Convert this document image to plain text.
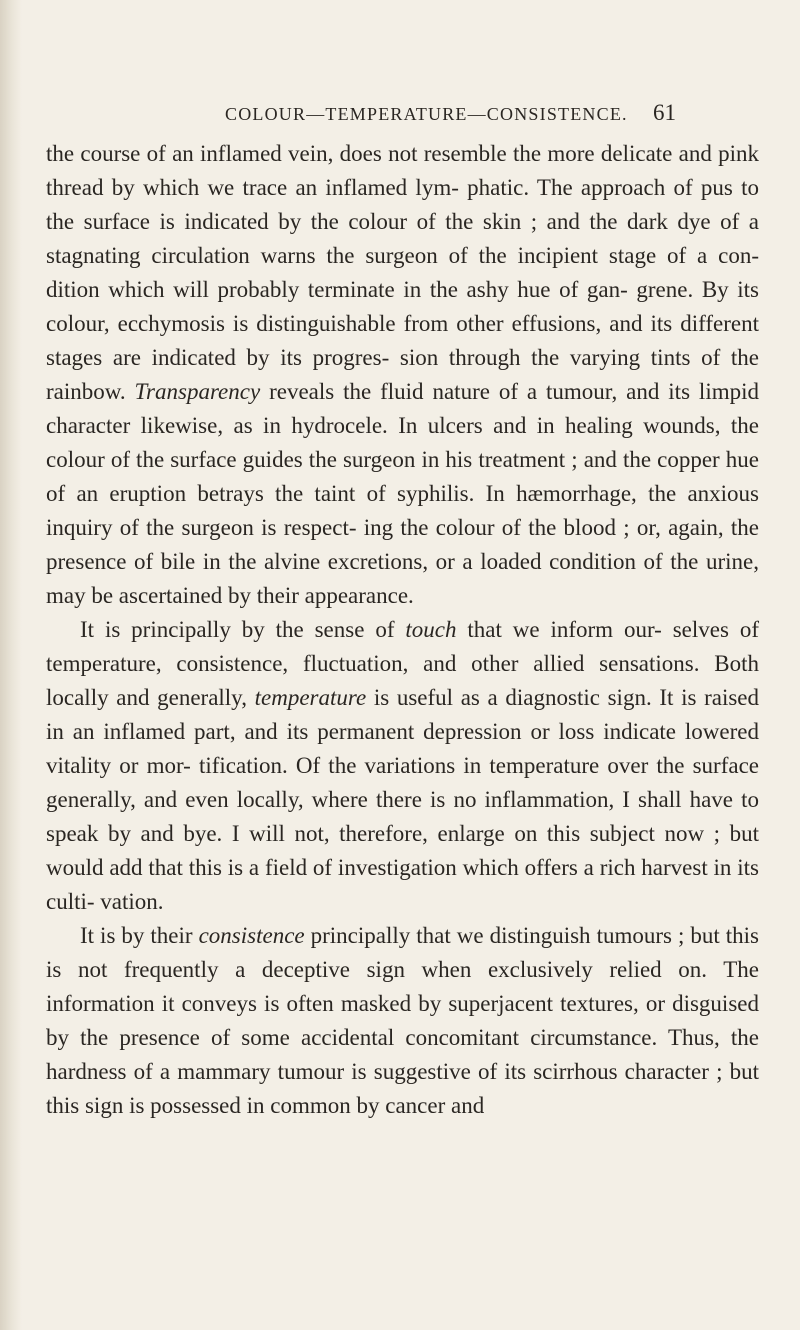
COLOUR—TEMPERATURE—CONSISTENCE. 61

the course of an inflamed vein, does not resemble the more delicate and pink thread by which we trace an inflamed lym- phatic. The approach of pus to the surface is indicated by the colour of the skin ; and the dark dye of a stagnating circulation warns the surgeon of the incipient stage of a con- dition which will probably terminate in the ashy hue of gan- grene. By its colour, ecchymosis is distinguishable from other effusions, and its different stages are indicated by its progres- sion through the varying tints of the rainbow. Transparency reveals the fluid nature of a tumour, and its limpid character likewise, as in hydrocele. In ulcers and in healing wounds, the colour of the surface guides the surgeon in his treatment ; and the copper hue of an eruption betrays the taint of syphilis. In hæmorrhage, the anxious inquiry of the surgeon is respect- ing the colour of the blood ; or, again, the presence of bile in the alvine excretions, or a loaded condition of the urine, may be ascertained by their appearance.

It is principally by the sense of touch that we inform our- selves of temperature, consistence, fluctuation, and other allied sensations. Both locally and generally, temperature is useful as a diagnostic sign. It is raised in an inflamed part, and its permanent depression or loss indicate lowered vitality or mor- tification. Of the variations in temperature over the surface generally, and even locally, where there is no inflammation, I shall have to speak by and bye. I will not, therefore, enlarge on this subject now ; but would add that this is a field of investigation which offers a rich harvest in its culti- vation.

It is by their consistence principally that we distinguish tumours ; but this is not frequently a deceptive sign when exclusively relied on. The information it conveys is often masked by superjacent textures, or disguised by the presence of some accidental concomitant circumstance. Thus, the hardness of a mammary tumour is suggestive of its scirrhous character ; but this sign is possessed in common by cancer and
